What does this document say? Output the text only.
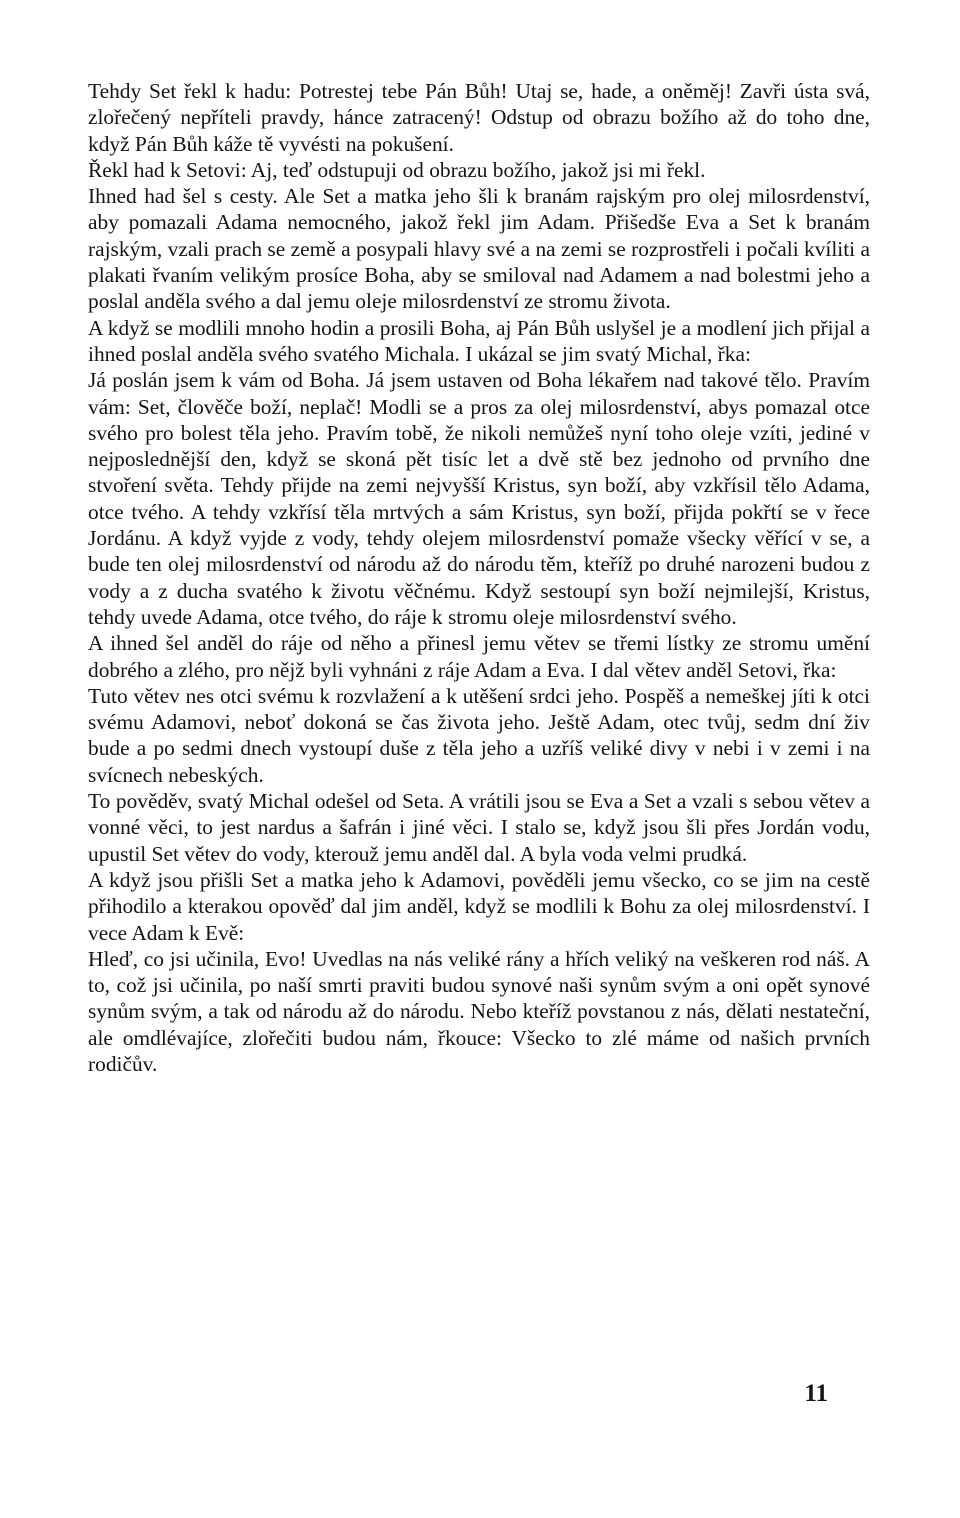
Tehdy Set řekl k hadu: Potrestej tebe Pán Bůh! Utaj se, hade, a oněměj! Zavři ústa svá, zlořečený nepříteli pravdy, hánce zatracený! Odstup od obrazu božího až do toho dne, když Pán Bůh káže tě vyvésti na pokušení.

Řekl had k Setovi: Aj, teď odstupuji od obrazu božího, jakož jsi mi řekl.

Ihned had šel s cesty. Ale Set a matka jeho šli k branám rajským pro olej milosrdenství, aby pomazali Adama nemocného, jakož řekl jim Adam. Přišedše Eva a Set k branám rajským, vzali prach se země a posypali hlavy své a na zemi se rozprostřeli i počali kvíliti a plakati řvaním velikým prosíce Boha, aby se smiloval nad Adamem a nad bolestmi jeho a poslal anděla svého a dal jemu oleje milosrdenství ze stromu života.

A když se modlili mnoho hodin a prosili Boha, aj Pán Bůh uslyšel je a modlení jich přijal a ihned poslal anděla svého svatého Michala. I ukázal se jim svatý Michal, řka:

Já poslán jsem k vám od Boha. Já jsem ustaven od Boha lékařem nad takové tělo. Pravím vám: Set, člověče boží, neplač! Modli se a pros za olej milosrdenství, abys pomazal otce svého pro bolest těla jeho. Pravím tobě, že nikoli nemůžeš nyní toho oleje vzíti, jediné v nejposlednější den, když se skoná pět tisíc let a dvě stě bez jednoho od prvního dne stvoření světa. Tehdy přijde na zemi nejvyšší Kristus, syn boží, aby vzkřísil tělo Adama, otce tvého. A tehdy vzkřísí těla mrtvých a sám Kristus, syn boží, přijda pokřtí se v řece Jordánu. A když vyjde z vody, tehdy olejem milosrdenství pomaže všecky věřící v se, a bude ten olej milosrdenství od národu až do národu těm, kteříž po druhé narozeni budou z vody a z ducha svatého k životu věčnému. Když sestoupí syn boží nejmilejší, Kristus, tehdy uvede Adama, otce tvého, do ráje k stromu oleje milosrdenství svého.

A ihned šel anděl do ráje od něho a přinesl jemu větev se třemi lístky ze stromu umění dobrého a zlého, pro nějž byli vyhnáni z ráje Adam a Eva. I dal větev anděl Setovi, řka:

Tuto větev nes otci svému k rozvlažení a k utěšení srdci jeho. Pospěš a nemeškej jíti k otci svému Adamovi, neboť dokoná se čas života jeho. Ještě Adam, otec tvůj, sedm dní živ bude a po sedmi dnech vystoupí duše z těla jeho a uzříš veliké divy v nebi i v zemi i na svícnech nebeských.

To pověděv, svatý Michal odešel od Seta. A vrátili jsou se Eva a Set a vzali s sebou větev a vonné věci, to jest nardus a šafrán i jiné věci. I stalo se, když jsou šli přes Jordán vodu, upustil Set větev do vody, kterouž jemu anděl dal. A byla voda velmi prudká.

A když jsou přišli Set a matka jeho k Adamovi, pověděli jemu všecko, co se jim na cestě přihodilo a kterakou opověď dal jim anděl, když se modlili k Bohu za olej milosrdenství. I vece Adam k Evě:

Hleď, co jsi učinila, Evo! Uvedlas na nás veliké rány a hřích veliký na veškeren rod náš. A to, což jsi učinila, po naší smrti praviti budou synové naši synům svým a oni opět synové synům svým, a tak od národu až do národu. Nebo kteříž povstanou z nás, dělati nestateční, ale omdlévajíce, zlořečiti budou nám, řkouce: Všecko to zlé máme od našich prvních rodičův.

11
